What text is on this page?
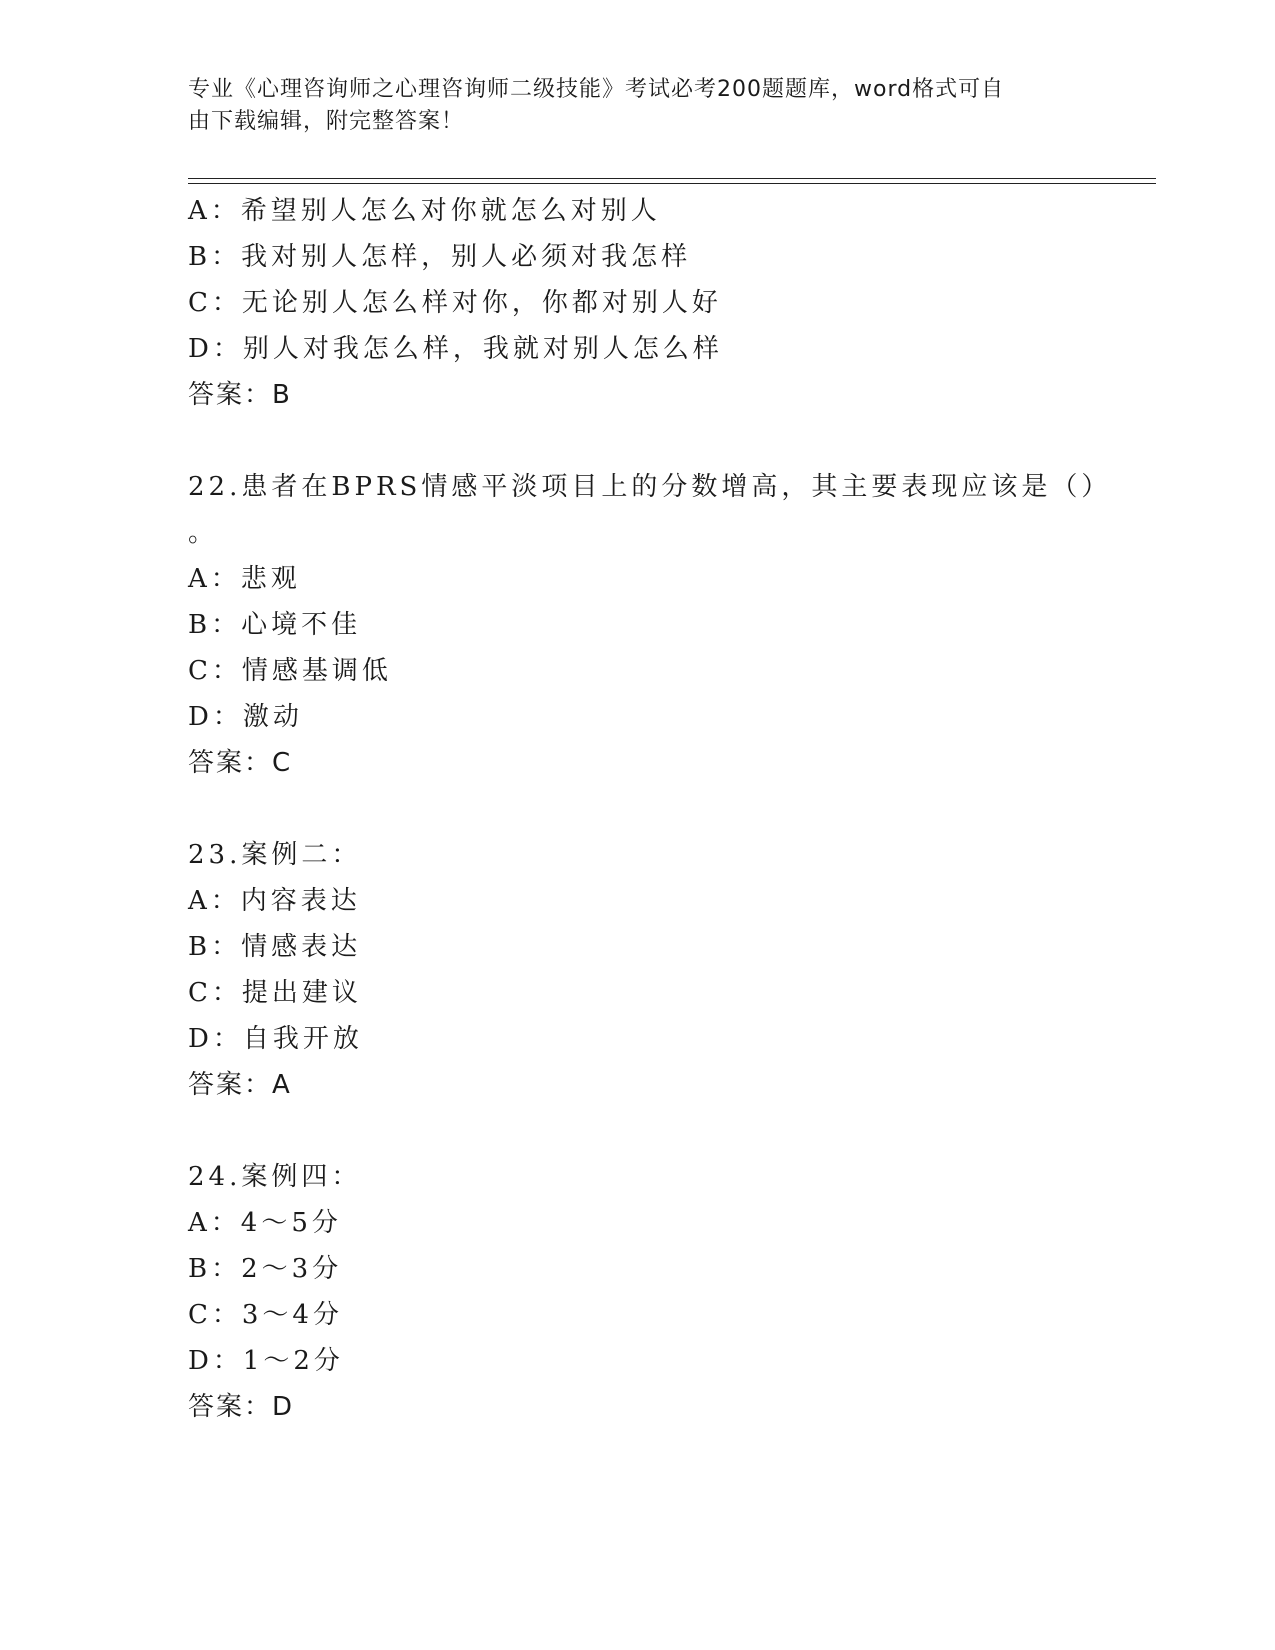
专业《心理咨询师之心理咨询师二级技能》考试必考200题题库，word格式可自
由下载编辑，附完整答案！
A：希望别人怎么对你就怎么对别人
B：我对别人怎样，别人必须对我怎样
C：无论别人怎么样对你，你都对别人好
D：别人对我怎么样，我就对别人怎么样
答案：B
22.患者在BPRS情感平淡项目上的分数增高，其主要表现应该是（）
。
A：悲观
B：心境不佳
C：情感基调低
D：激动
答案：C
23.案例二：
A：内容表达
B：情感表达
C：提出建议
D：自我开放
答案：A
24.案例四：
A：4～5分
B：2～3分
C：3～4分
D：1～2分
答案：D
